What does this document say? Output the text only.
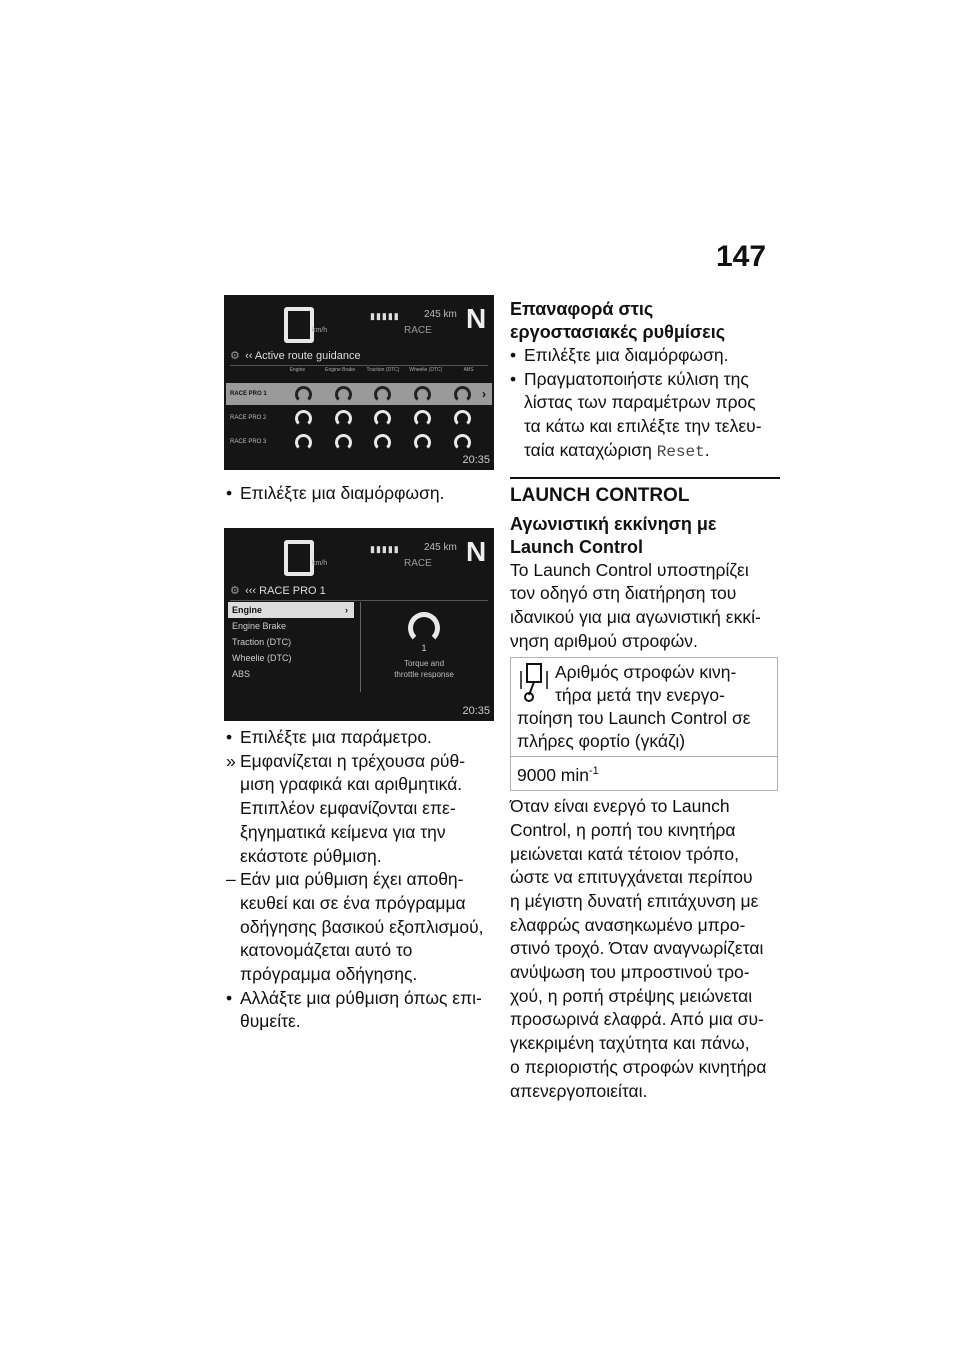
147
km/h
▮▮▮▮▮ 245 km
RACE N
⚙ ‹‹ Active route guidance
Engine	Engine Brake	Traction (DTC)	Wheelie (DTC)	ABS
RACE PRO 1	›
RACE PRO 2
RACE PRO 3
20:35
• Επιλέξτε μια διαμόρφωση.
km/h
▮▮▮▮▮ 245 km
RACE N
⚙ ‹‹‹ RACE PRO 1
Engine	›
Engine Brake
Traction (DTC)
Wheelie (DTC)
ABS
1
Torque and
throttle response
20:35
• Επιλέξτε μια παράμετρο.
» Εμφανίζεται η τρέχουσα ρύθ-
μιση γραφικά και αριθμητικά.
Επιπλέον εμφανίζονται επε-
ξηγηματικά κείμενα για την
εκάστοτε ρύθμιση.
– Εάν μια ρύθμιση έχει αποθη-
κευθεί και σε ένα πρόγραμμα
οδήγησης βασικού εξοπλισμού,
κατονομάζεται αυτό το
πρόγραμμα οδήγησης.
• Αλλάξτε μια ρύθμιση όπως επι-
θυμείτε.
Επαναφορά στις
εργοστασιακές ρυθμίσεις
• Επιλέξτε μια διαμόρφωση.
• Πραγματοποιήστε κύλιση της
λίστας των παραμέτρων προς
τα κάτω και επιλέξτε την τελευ-
ταία καταχώριση Reset.
LAUNCH CONTROL
Αγωνιστική εκκίνηση με
Launch Control
Το Launch Control υποστηρίζει
τον οδηγό στη διατήρηση του
ιδανικού για μια αγωνιστική εκκί-
νηση αριθμού στροφών.
Αριθμός στροφών κινη-
τήρα μετά την ενεργο-
ποίηση του Launch Control σε
πλήρες φορτίο (γκάζι)

9000 $\min^{-1}$
Όταν είναι ενεργό το Launch
Control, η ροπή του κινητήρα
μειώνεται κατά τέτοιον τρόπο,
ώστε να επιτυγχάνεται περίπου
η μέγιστη δυνατή επιτάχυνση με
ελαφρώς ανασηκωμένο μπρο-
στινό τροχό. Όταν αναγνωρίζεται
ανύψωση του μπροστινού τρο-
χού, η ροπή στρέψης μειώνεται
προσωρινά ελαφρά. Από μια συ-
γκεκριμένη ταχύτητα και πάνω,
ο περιοριστής στροφών κινητήρα
απενεργοποιείται.
